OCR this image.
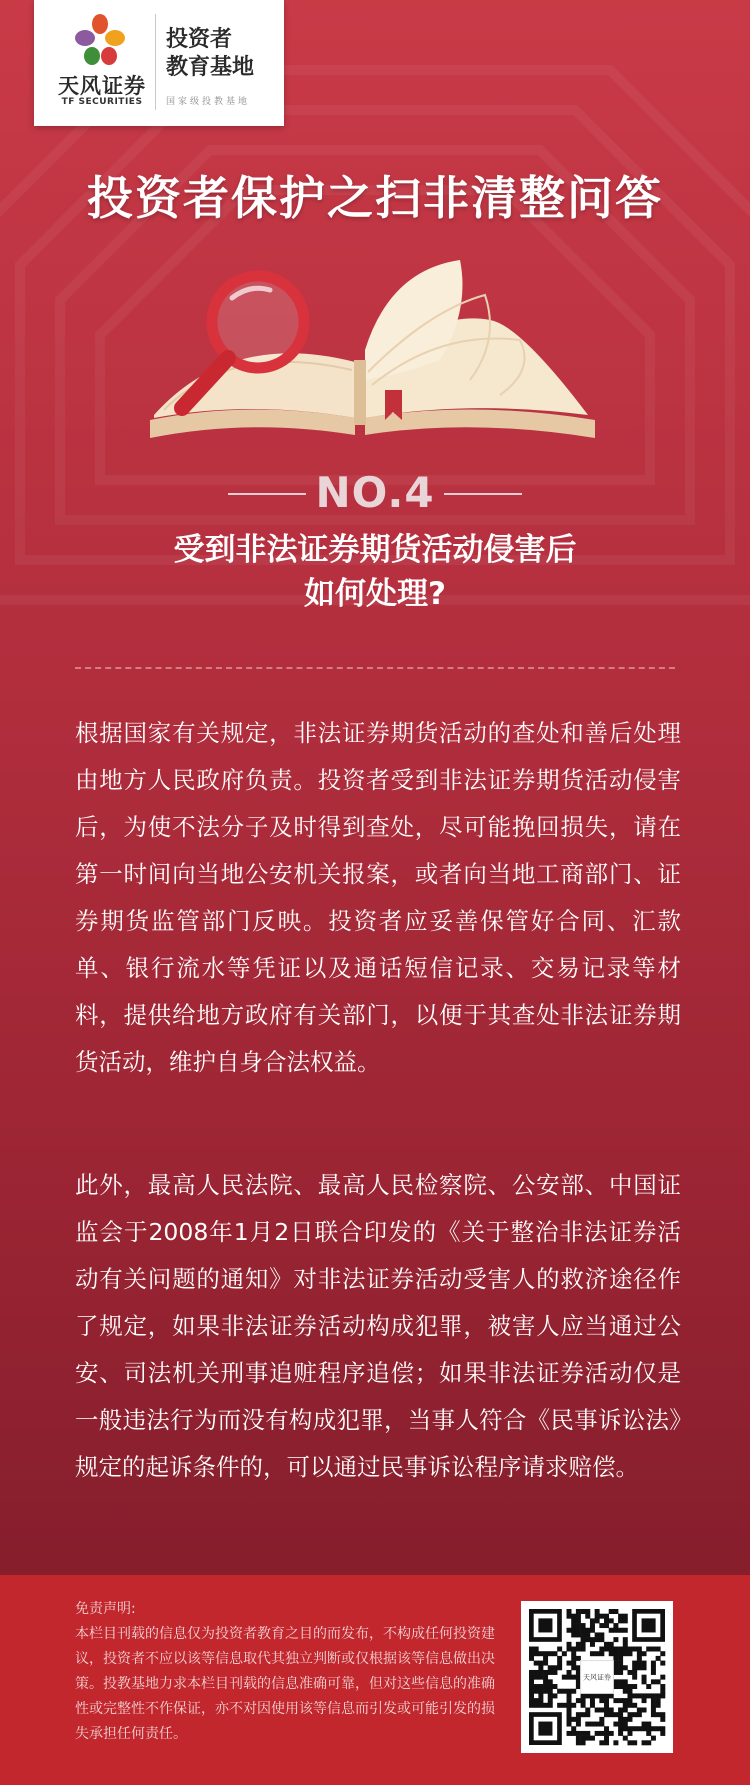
天风证券
TF SECURITIES
投资者
教育基地
国家级投教基地
投资者保护之扫非清整问答
NO.4
受到非法证券期货活动侵害后
如何处理?

根据国家有关规定，非法证券期货活动的查处和善后处理由地方人民政府负责。投资者受到非法证券期货活动侵害后，为使不法分子及时得到查处，尽可能挽回损失，请在第一时间向当地公安机关报案，或者向当地工商部门、证券期货监管部门反映。投资者应妥善保管好合同、汇款单、银行流水等凭证以及通话短信记录、交易记录等材料，提供给地方政府有关部门，以便于其查处非法证券期货活动，维护自身合法权益。

此外，最高人民法院、最高人民检察院、公安部、中国证监会于2008年1月2日联合印发的《关于整治非法证券活动有关问题的通知》对非法证券活动受害人的救济途径作了规定，如果非法证券活动构成犯罪，被害人应当通过公安、司法机关刑事追赃程序追偿；如果非法证券活动仅是一般违法行为而没有构成犯罪，当事人符合《民事诉讼法》规定的起诉条件的，可以通过民事诉讼程序请求赔偿。

免责声明:
本栏目刊载的信息仅为投资者教育之目的而发布，不构成任何投资建议，投资者不应以该等信息取代其独立判断或仅根据该等信息做出决策。投教基地力求本栏目刊载的信息准确可靠，但对这些信息的准确性或完整性不作保证，亦不对因使用该等信息而引发或可能引发的损失承担任何责任。
天风证券
